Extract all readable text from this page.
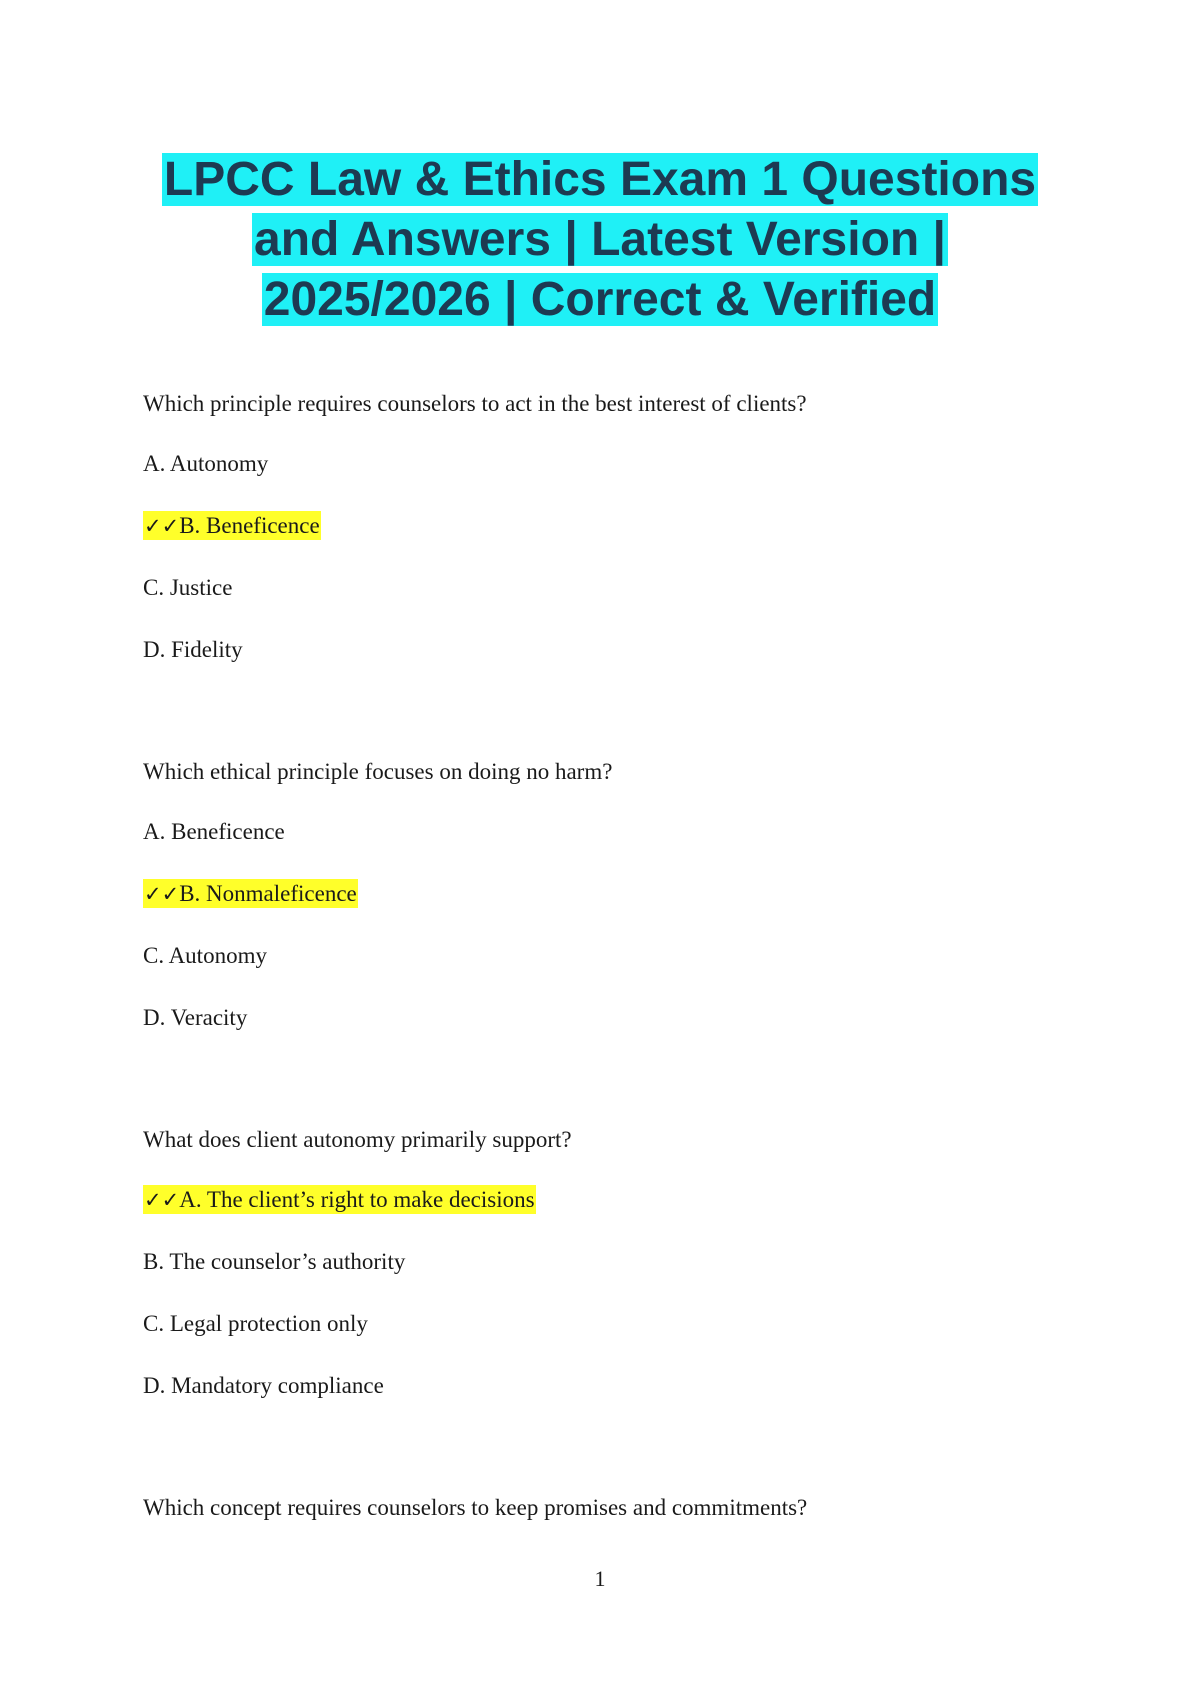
LPCC Law & Ethics Exam 1 Questions
and Answers | Latest Version |
2025/2026 | Correct & Verified
Which principle requires counselors to act in the best interest of clients?
A. Autonomy
✓✓B. Beneficence
C. Justice
D. Fidelity
Which ethical principle focuses on doing no harm?
A. Beneficence
✓✓B. Nonmaleficence
C. Autonomy
D. Veracity
What does client autonomy primarily support?
✓✓A. The client’s right to make decisions
B. The counselor’s authority
C. Legal protection only
D. Mandatory compliance
Which concept requires counselors to keep promises and commitments?
1
